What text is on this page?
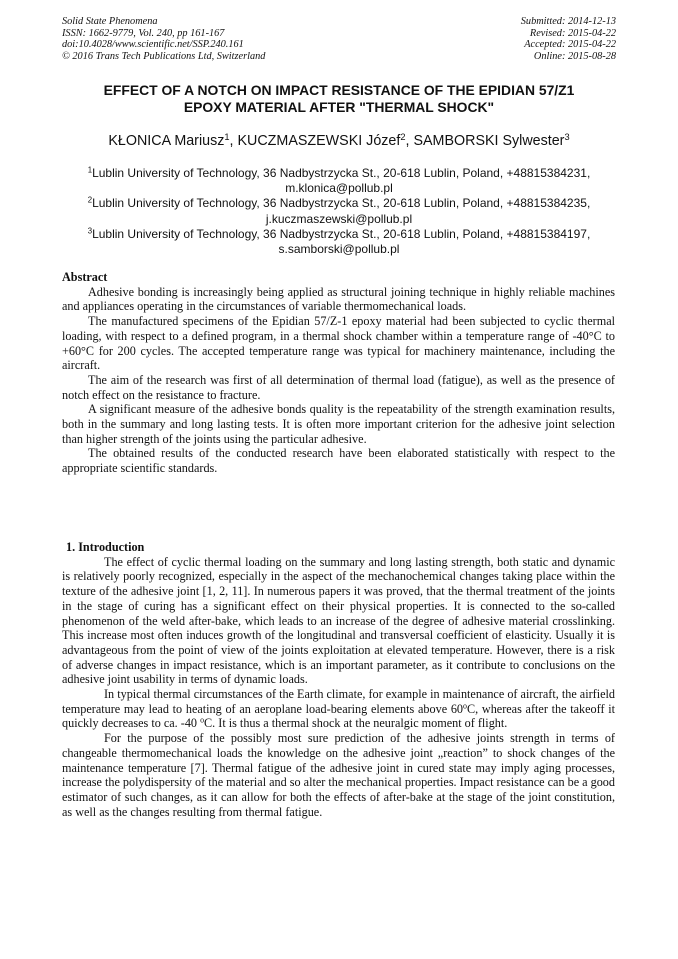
Solid State Phenomena
ISSN: 1662-9779, Vol. 240, pp 161-167
doi:10.4028/www.scientific.net/SSP.240.161
© 2016 Trans Tech Publications Ltd, Switzerland
Submitted: 2014-12-13
Revised: 2015-04-22
Accepted: 2015-04-22
Online: 2015-08-28
EFFECT OF A NOTCH ON IMPACT RESISTANCE OF THE EPIDIAN 57/Z1
EPOXY MATERIAL AFTER "THERMAL SHOCK"
KŁONICA Mariusz$^1$, KUCZMASZEWSKI Józef$^2$, SAMBORSKI Sylwester$^3$
$^1$Lublin University of Technology, 36 Nadbystrzycka St., 20-618 Lublin, Poland, +48815384231,
m.klonica@pollub.pl
$^2$Lublin University of Technology, 36 Nadbystrzycka St., 20-618 Lublin, Poland, +48815384235,
j.kuczmaszewski@pollub.pl
$^3$Lublin University of Technology, 36 Nadbystrzycka St., 20-618 Lublin, Poland, +48815384197,
s.samborski@pollub.pl

Abstract

Adhesive bonding is increasingly being applied as structural joining technique in highly reliable machines and appliances operating in the circumstances of variable thermomechanical loads.

The manufactured specimens of the Epidian 57/Z-1 epoxy material had been subjected to cyclic thermal loading, with respect to a defined program, in a thermal shock chamber within a temperature range of -40°C to +60°C for 200 cycles. The accepted temperature range was typical for machinery maintenance, including the aircraft.

The aim of the research was first of all determination of thermal load (fatigue), as well as the presence of notch effect on the resistance to fracture.

A significant measure of the adhesive bonds quality is the repeatability of the strength examination results, both in the summary and long lasting tests. It is often more important criterion for the adhesive joint selection than higher strength of the joints using the particular adhesive.

The obtained results of the conducted research have been elaborated statistically with respect to the appropriate scientific standards.

1. Introduction

The effect of cyclic thermal loading on the summary and long lasting strength, both static and dynamic is relatively poorly recognized, especially in the aspect of the mechanochemical changes taking place within the texture of the adhesive joint [1, 2, 11]. In numerous papers it was proved, that the thermal treatment of the joints in the stage of curing has a significant effect on their physical properties. It is connected to the so-called phenomenon of the weld after-bake, which leads to an increase of the degree of adhesive material crosslinking. This increase most often induces growth of the longitudinal and transversal coefficient of elasticity. Usually it is advantageous from the point of view of the joints exploitation at elevated temperature. However, there is a risk of adverse changes in impact resistance, which is an important parameter, as it contribute to conclusions on the adhesive joint usability in terms of dynamic loads.

In typical thermal circumstances of the Earth climate, for example in maintenance of aircraft, the airfield temperature may lead to heating of an aeroplane load-bearing elements above 60$^o$C, whereas after the takeoff it quickly decreases to ca. -40 $^o$C. It is thus a thermal shock at the neuralgic moment of flight.

For the purpose of the possibly most sure prediction of the adhesive joints strength in terms of changeable thermomechanical loads the knowledge on the adhesive joint „reaction” to shock changes of the maintenance temperature [7]. Thermal fatigue of the adhesive joint in cured state may imply aging processes, increase the polydispersity of the material and so alter the mechanical properties. Impact resistance can be a good estimator of such changes, as it can allow for both the effects of after-bake at the stage of the joint constitution, as well as the changes resulting from thermal fatigue.
